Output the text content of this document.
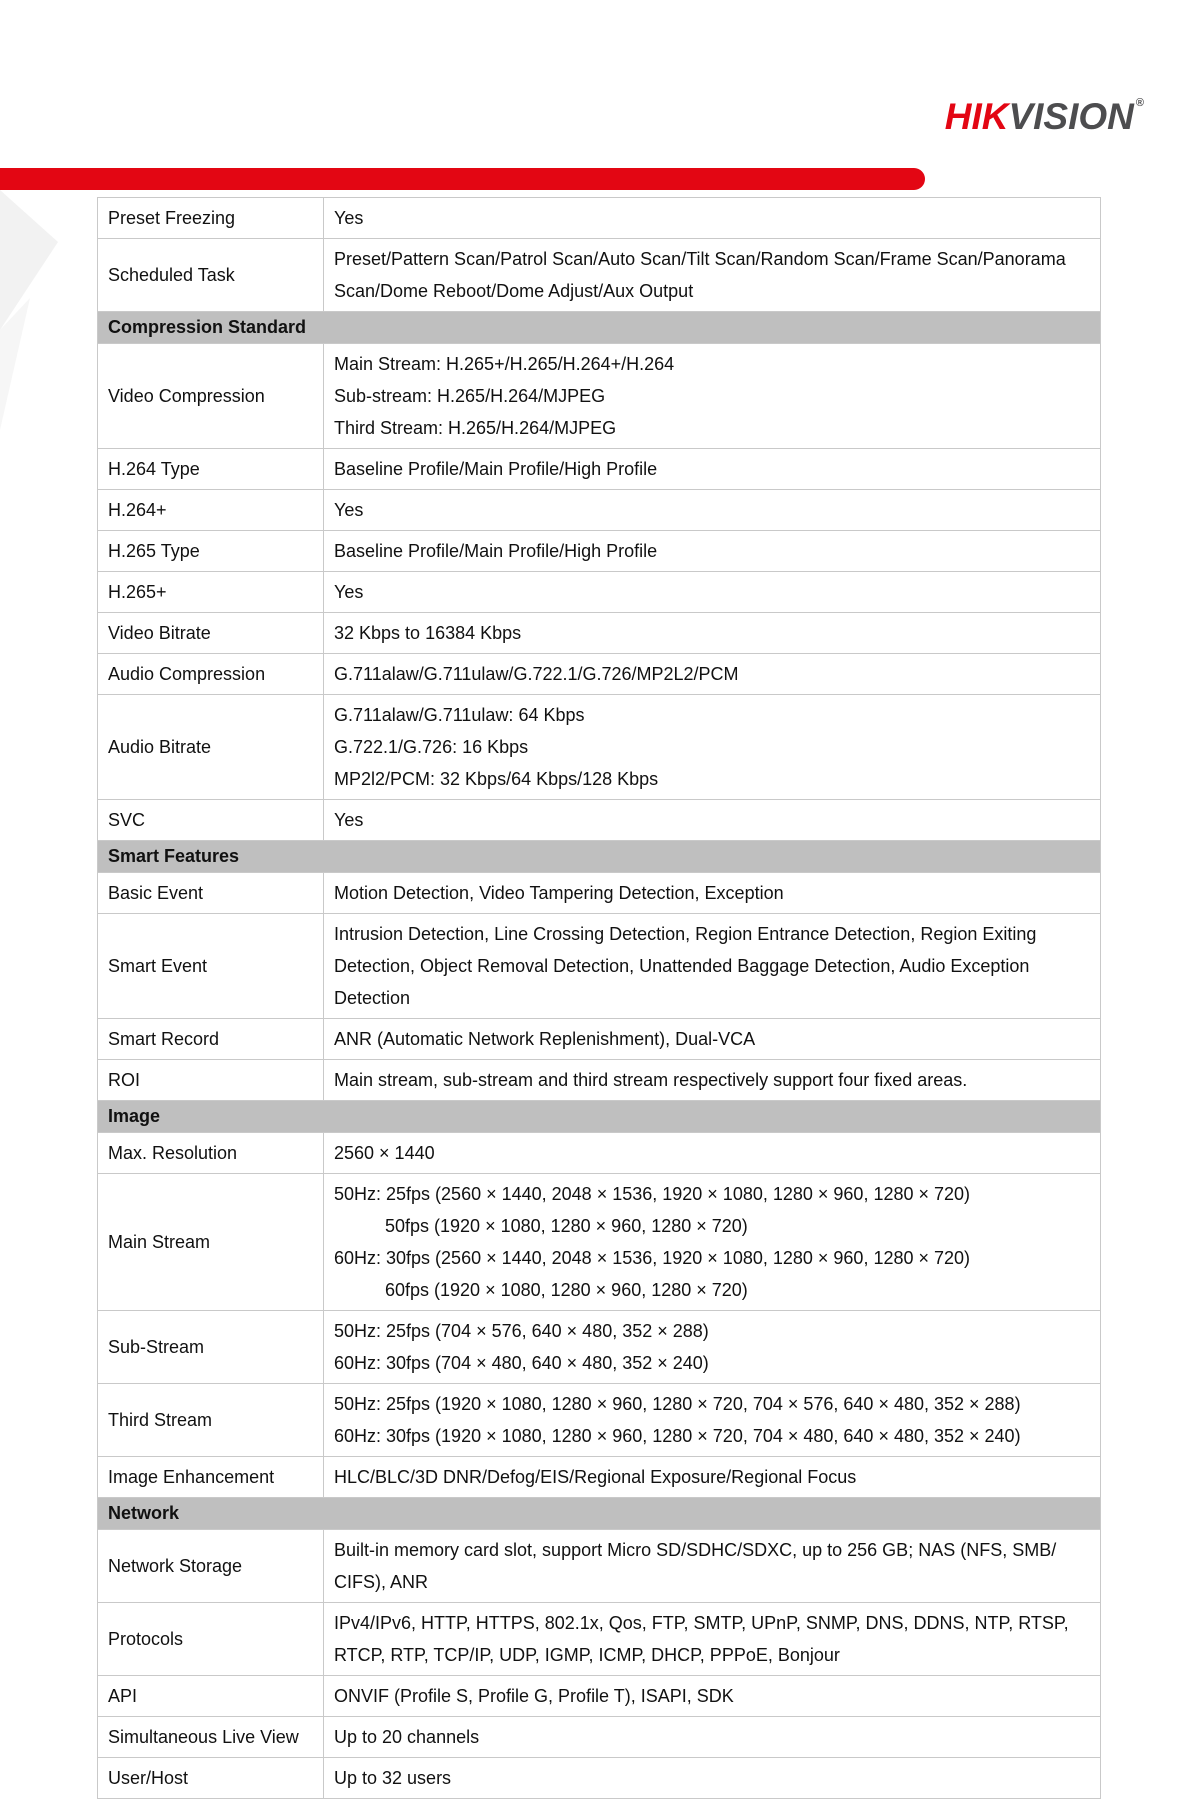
HIKVISION ®
Preset Freezing	Yes
Scheduled Task	Preset/Pattern Scan/Patrol Scan/Auto Scan/Tilt Scan/Random Scan/Frame Scan/Panorama Scan/Dome Reboot/Dome Adjust/Aux Output
Compression Standard	
Video Compression	Main Stream: H.265+/H.265/H.264+/H.264
Sub-stream: H.265/H.264/MJPEG
Third Stream: H.265/H.264/MJPEG

H.264 Type	Baseline Profile/Main Profile/High Profile
H.264+	Yes
H.265 Type	Baseline Profile/Main Profile/High Profile
H.265+	Yes
Video Bitrate	32 Kbps to 16384 Kbps
Audio Compression	G.711alaw/G.711ulaw/G.722.1/G.726/MP2L2/PCM
Audio Bitrate	G.711alaw/G.711ulaw: 64 Kbps
G.722.1/G.726: 16 Kbps
MP2l2/PCM: 32 Kbps/64 Kbps/128 Kbps

SVC	Yes
Smart Features	
Basic Event	Motion Detection, Video Tampering Detection, Exception
Smart Event	Intrusion Detection, Line Crossing Detection, Region Entrance Detection, Region Exiting Detection, Object Removal Detection, Unattended Baggage Detection, Audio Exception Detection
Smart Record	ANR (Automatic Network Replenishment), Dual-VCA
ROI	Main stream, sub-stream and third stream respectively support four fixed areas.
Image	
Max. Resolution	2560 × 1440
Main Stream	50Hz: 25fps (2560 × 1440, 2048 × 1536, 1920 × 1080, 1280 × 960, 1280 × 720)
50fps (1920 × 1080, 1280 × 960, 1280 × 720)
60Hz: 30fps (2560 × 1440, 2048 × 1536, 1920 × 1080, 1280 × 960, 1280 × 720)
60fps (1920 × 1080, 1280 × 960, 1280 × 720)

Sub-Stream	50Hz: 25fps (704 × 576, 640 × 480, 352 × 288)
60Hz: 30fps (704 × 480, 640 × 480, 352 × 240)

Third Stream	50Hz: 25fps (1920 × 1080, 1280 × 960, 1280 × 720, 704 × 576, 640 × 480, 352 × 288)
60Hz: 30fps (1920 × 1080, 1280 × 960, 1280 × 720, 704 × 480, 640 × 480, 352 × 240)

Image Enhancement	HLC/BLC/3D DNR/Defog/EIS/Regional Exposure/Regional Focus
Network	
Network Storage	Built-in memory card slot, support Micro SD/SDHC/SDXC, up to 256 GB; NAS (NFS, SMB/ CIFS), ANR
Protocols	IPv4/IPv6, HTTP, HTTPS, 802.1x, Qos, FTP, SMTP, UPnP, SNMP, DNS, DDNS, NTP, RTSP, RTCP, RTP, TCP/IP, UDP, IGMP, ICMP, DHCP, PPPoE, Bonjour
API	ONVIF (Profile S, Profile G, Profile T), ISAPI, SDK
Simultaneous Live View	Up to 20 channels
User/Host	Up to 32 users
